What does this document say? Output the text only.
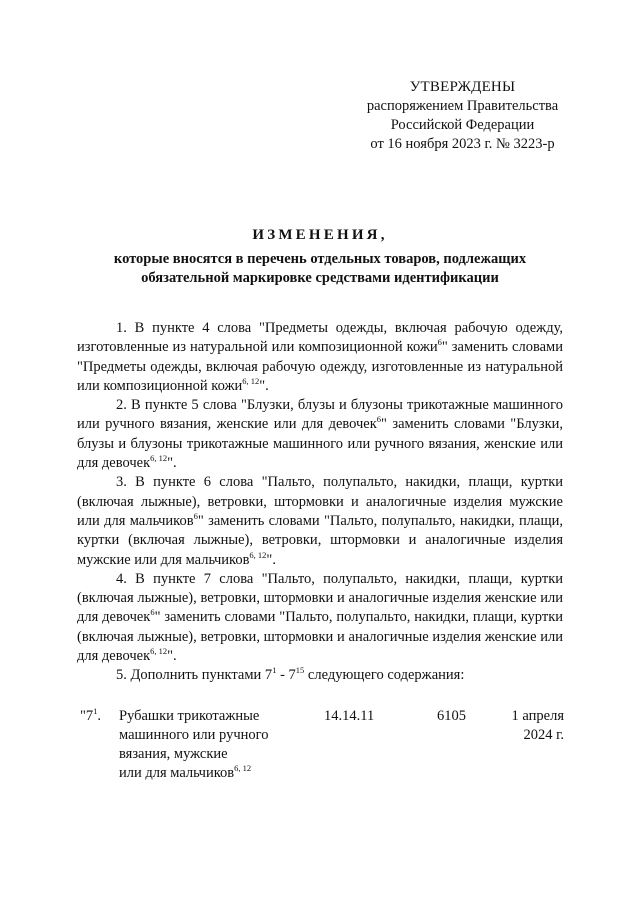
УТВЕРЖДЕНЫ
распоряжением Правительства
Российской Федерации
от 16 ноября 2023 г. № 3223-р
ИЗМЕНЕНИЯ,
которые вносятся в перечень отдельных товаров, подлежащих обязательной маркировке средствами идентификации

1. В пункте 4 слова "Предметы одежды, включая рабочую одежду, изготовленные из натуральной или композиционной кожи$^6$" заменить словами "Предметы одежды, включая рабочую одежду, изготовленные из натуральной или композиционной кожи$^{6, 12}$".

2. В пункте 5 слова "Блузки, блузы и блузоны трикотажные машинного или ручного вязания, женские или для девочек$^6$" заменить словами "Блузки, блузы и блузоны трикотажные машинного или ручного вязания, женские или для девочек$^{6, 12}$".

3. В пункте 6 слова "Пальто, полупальто, накидки, плащи, куртки (включая лыжные), ветровки, штормовки и аналогичные изделия мужские или для мальчиков$^6$" заменить словами "Пальто, полупальто, накидки, плащи, куртки (включая лыжные), ветровки, штормовки и аналогичные изделия мужские или для мальчиков$^{6, 12}$".

4. В пункте 7 слова "Пальто, полупальто, накидки, плащи, куртки (включая лыжные), ветровки, штормовки и аналогичные изделия женские или для девочек$^6$" заменить словами "Пальто, полупальто, накидки, плащи, куртки (включая лыжные), ветровки, штормовки и аналогичные изделия женские или для девочек$^{6, 12}$".

5. Дополнить пунктами $7^1 - 7^{15}$ следующего содержания:

"$7^1$. Рубашки трикотажные
машинного или ручного
вязания, мужские
или для мальчиков$^{6, 12}$
14.14.11	6105	1 апреля
2024 г.
